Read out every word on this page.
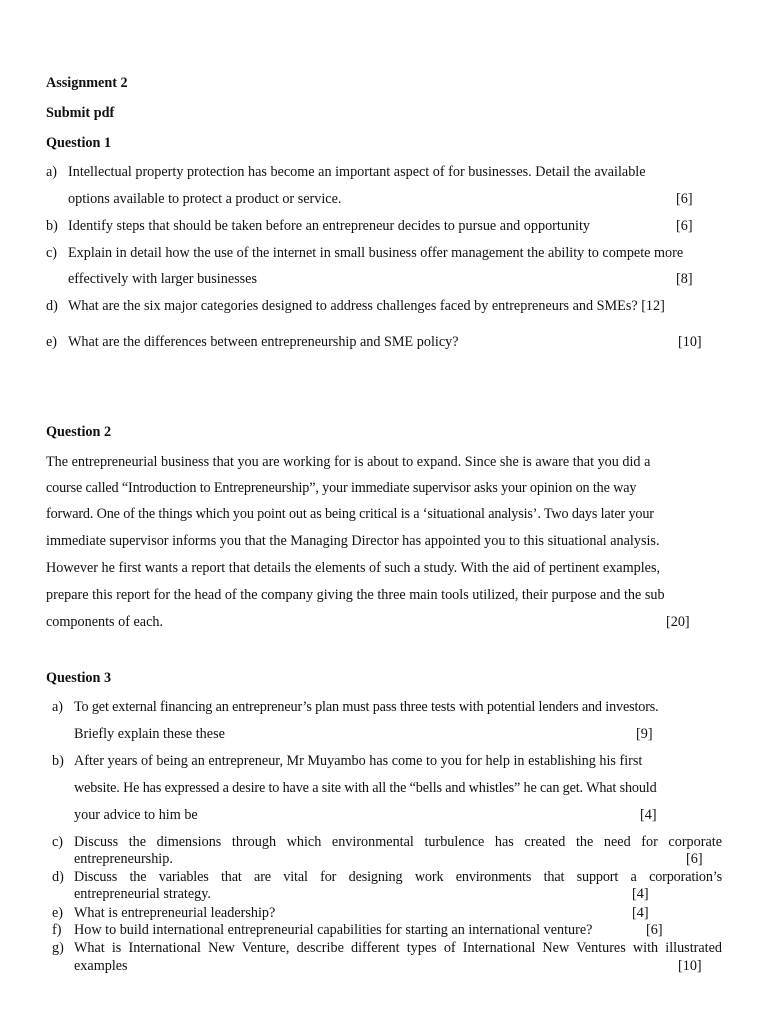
Assignment 2
Submit pdf
Question 1
a) Intellectual property protection has become an important aspect of for businesses. Detail the available
options available to protect a product or service.	[6]
b) Identify steps that should be taken before an entrepreneur decides to pursue and opportunity	[6]
c) Explain in detail how the use of the internet in small business offer management the ability to compete more
effectively with larger businesses	[8]
d) What are the six major categories designed to address challenges faced by entrepreneurs and SMEs? [12]
e) What are the differences between entrepreneurship and SME policy?	[10]
Question 2
The entrepreneurial business that you are working for is about to expand. Since she is aware that you did a
course called “Introduction to Entrepreneurship”, your immediate supervisor asks your opinion on the way
forward. One of the things which you point out as being critical is a ‘situational analysis’. Two days later your
immediate supervisor informs you that the Managing Director has appointed you to this situational analysis.
However he first wants a report that details the elements of such a study. With the aid of pertinent examples,
prepare this report for the head of the company giving the three main tools utilized, their purpose and the sub
components of each.	[20]
Question 3
a) To get external financing an entrepreneur’s plan must pass three tests with potential lenders and investors.
Briefly explain these these	[9]
b) After years of being an entrepreneur, Mr Muyambo has come to you for help in establishing his first
website. He has expressed a desire to have a site with all the “bells and whistles” he can get. What should
your advice to him be	[4]
c) Discuss the dimensions through which environmental turbulence has created the need for corporate
entrepreneurship.	[6]
d) Discuss the variables that are vital for designing work environments that support a corporation’s
entrepreneurial strategy.	[4]
e) What is entrepreneurial leadership?	[4]
f) How to build international entrepreneurial capabilities for starting an international venture?	[6]
g) What is International New Venture, describe different types of International New Ventures with illustrated
examples	[10]
